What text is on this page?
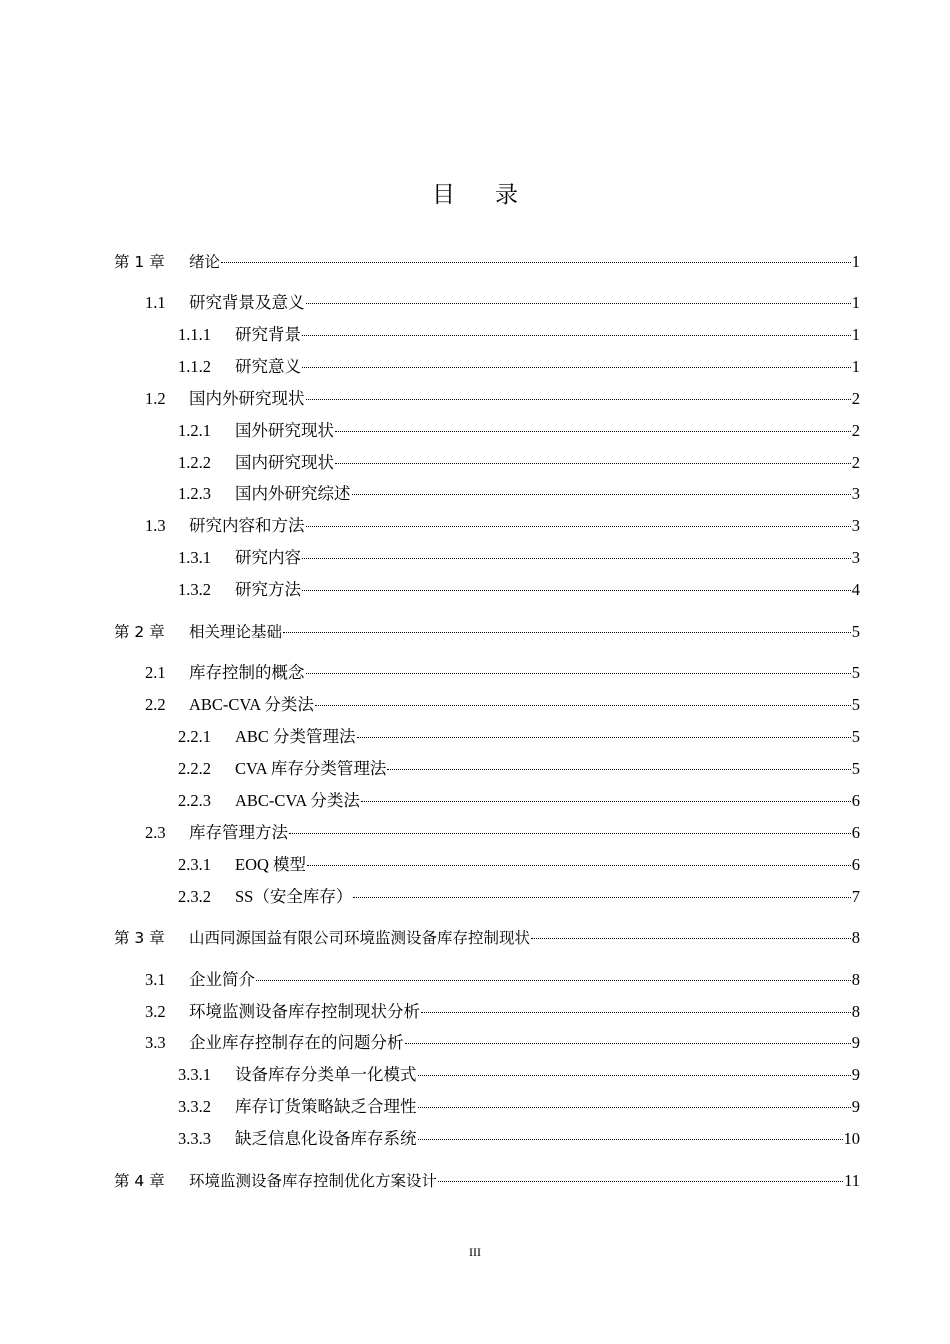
目 录
第 1 章	绪论	1
1.1	研究背景及意义	1
1.1.1	研究背景	1
1.1.2	研究意义	1
1.2	国内外研究现状	2
1.2.1	国外研究现状	2
1.2.2	国内研究现状	2
1.2.3	国内外研究综述	3
1.3	研究内容和方法	3
1.3.1	研究内容	3
1.3.2	研究方法	4
第 2 章	相关理论基础	5
2.1	库存控制的概念	5
2.2	ABC-CVA 分类法	5
2.2.1	ABC 分类管理法	5
2.2.2	CVA 库存分类管理法	5
2.2.3	ABC-CVA 分类法	6
2.3	库存管理方法	6
2.3.1	EOQ 模型	6
2.3.2	SS（安全库存）	7
第 3 章	山西同源国益有限公司环境监测设备库存控制现状	8
3.1	企业简介	8
3.2	环境监测设备库存控制现状分析	8
3.3	企业库存控制存在的问题分析	9
3.3.1	设备库存分类单一化模式	9
3.3.2	库存订货策略缺乏合理性	9
3.3.3	缺乏信息化设备库存系统	10
第 4 章	环境监测设备库存控制优化方案设计	11
III
